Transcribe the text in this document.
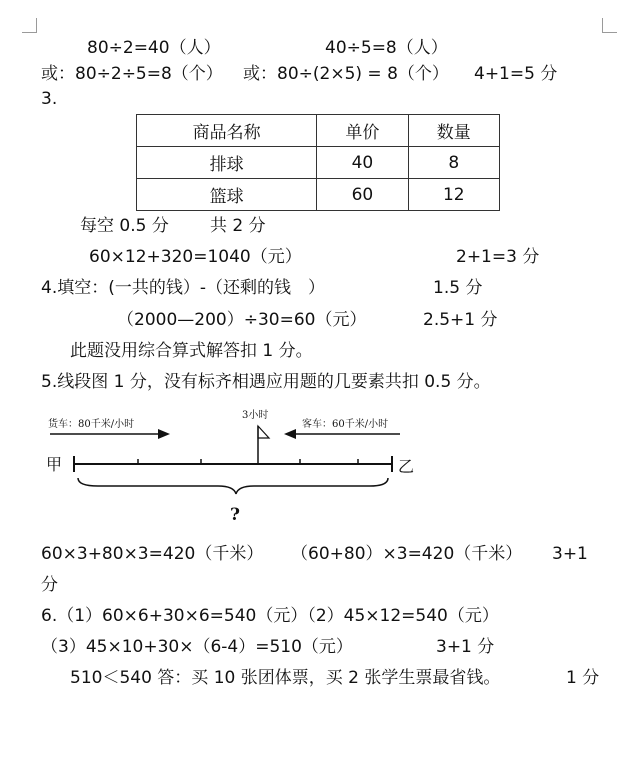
80÷2=40（人）	40÷5=8（人）
或：80÷2÷5=8（个） 或：80÷(2×5) = 8（个） 4+1=5 分
3.
商品名称	单价	数量
排球	40	8
篮球	60	12
每空 0.5 分 共 2 分
60×12+320=1040（元）	2+1=3 分
4.填空：(一共的钱）-（还剩的钱　）	1.5 分
（2000—200）÷30=60（元）	2.5+1 分
此题没用综合算式解答扣 1 分。
5.线段图 1 分，没有标齐相遇应用题的几要素共扣 0.5 分。
货车：80千米/小时
3小时
客车：60千米/小时
甲	乙
?
60×3+80×3=420（千米） （60+80）×3=420（千米） 3+1
分
6.（1）60×6+30×6=540（元）（2）45×12=540（元）
（3）45×10+30×（6-4）=510（元）	3+1 分
510＜540 答：买 10 张团体票，买 2 张学生票最省钱。	1 分
